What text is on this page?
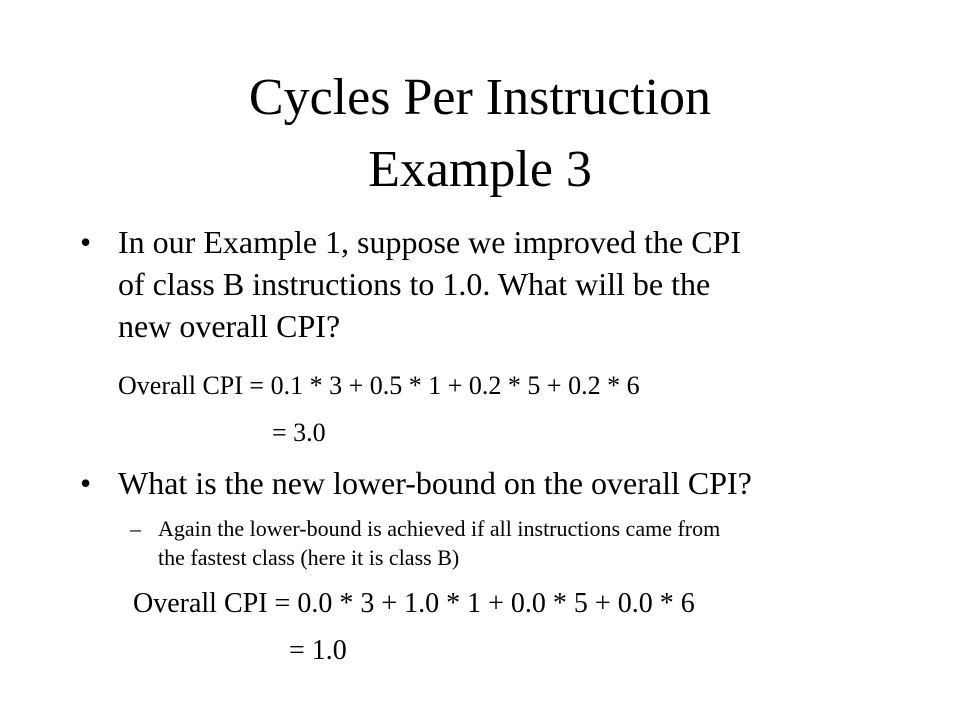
Cycles Per Instruction
Example 3
• In our Example 1, suppose we improved the CPI
of class B instructions to 1.0. What will be the
new overall CPI?
Overall CPI = 0.1 * 3 + 0.5 * 1 + 0.2 * 5 + 0.2 * 6
= 3.0
• What is the new lower-bound on the overall CPI?
– Again the lower-bound is achieved if all instructions came from
the fastest class (here it is class B)
Overall CPI = 0.0 * 3 + 1.0 * 1 + 0.0 * 5 + 0.0 * 6
= 1.0
